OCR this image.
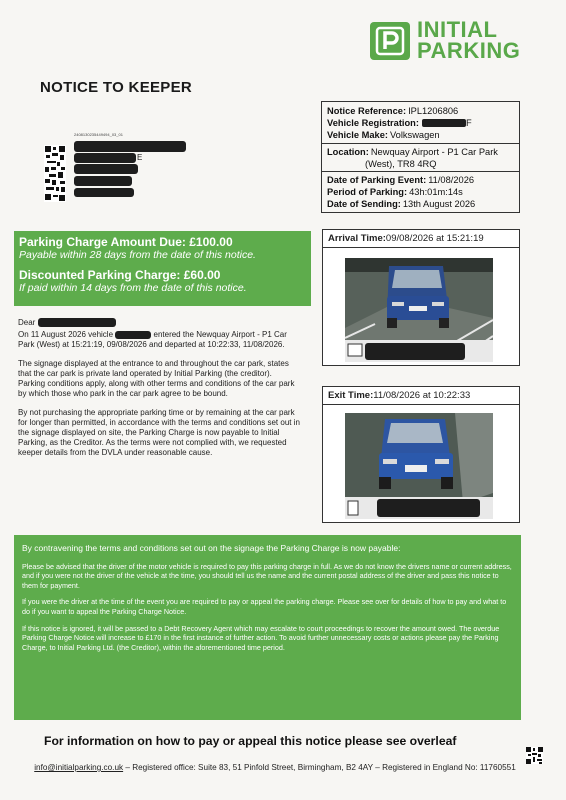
INITIAL
PARKING
NOTICE TO KEEPER
Notice Reference: IPL1206806
Vehicle Registration:	F
Vehicle Make: Volkswagen
Location: Newquay Airport - P1 Car Park
(West), TR8 4RQ
Date of Parking Event: 11/08/2026
Period of Parking: 43h:01m:14s
Date of Sending: 13th August 2026
2408130235449494_03_01
E
Parking Charge Amount Due: £100.00
Payable within 28 days from the date of this notice.
Discounted Parking Charge: £60.00
If paid within 14 days from the date of this notice.

Dear

On 11 August 2026 vehicle	entered the Newquay Airport - P1 Car Park (West) at 15:21:19, 09/08/2026 and departed at 10:22:33, 11/08/2026.

The signage displayed at the entrance to and throughout the car park, states that the car park is private land operated by Initial Parking (the creditor). Parking conditions apply, along with other terms and conditions of the car park by which those who park in the car park agree to be bound.

By not purchasing the appropriate parking time or by remaining at the car park for longer than permitted, in accordance with the terms and conditions set out in the signage displayed on site, the Parking Charge is now payable to Initial Parking, as the Creditor. As the terms were not complied with, we requested keeper details from the DVLA under reasonable cause.

Arrival Time:09/08/2026 at 15:21:19
Exit Time:11/08/2026 at 10:22:33
By contravening the terms and conditions set out on the signage the Parking Charge is now payable:

Please be advised that the driver of the motor vehicle is required to pay this parking charge in full. As we do not know the drivers name or current address, and if you were not the driver of the vehicle at the time, you should tell us the name and the current postal address of the driver and pass this notice to them for payment.

If you were the driver at the time of the event you are required to pay or appeal the parking charge. Please see over for details of how to pay and what to do if you want to appeal the Parking Charge Notice.

If this notice is ignored, it will be passed to a Debt Recovery Agent which may escalate to court proceedings to recover the amount owed. The overdue Parking Charge Notice will increase to £170 in the first instance of further action. To avoid further unnecessary costs or actions please pay the Parking Charge, to Initial Parking Ltd. (the Creditor), within the aforementioned time period.

For information on how to pay or appeal this notice please see overleaf
info@initialparking.co.uk – Registered office: Suite 83, 51 Pinfold Street, Birmingham, B2 4AY – Registered in England No: 11760551
